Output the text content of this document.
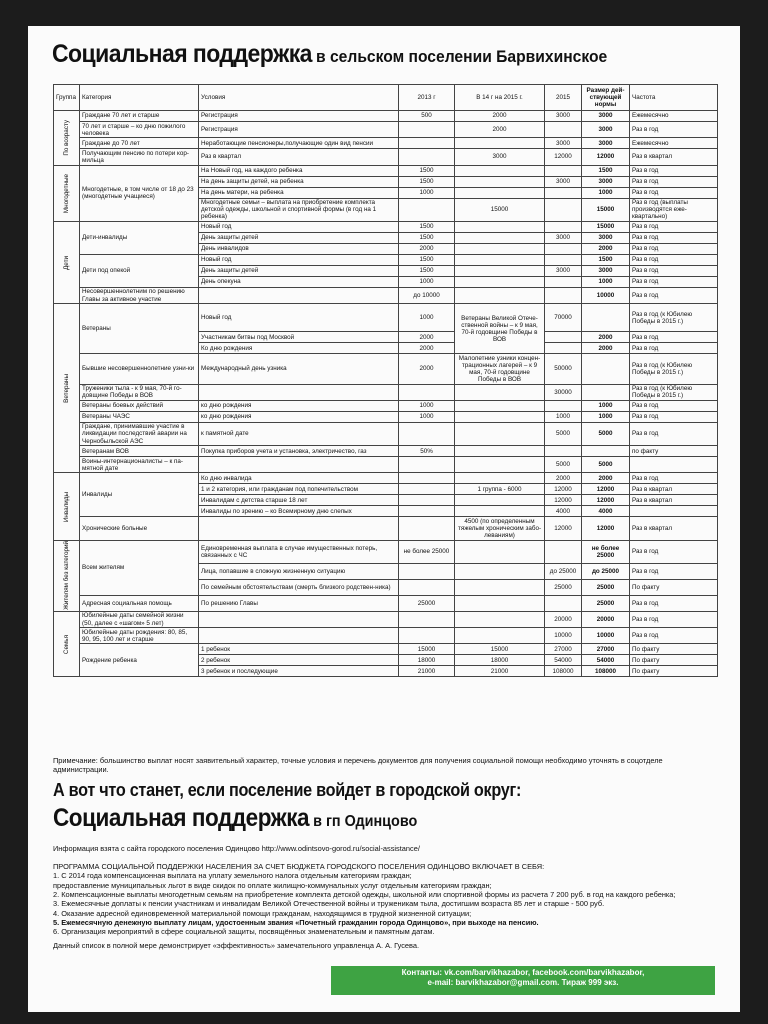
Социальная поддержка в сельском поселении Барвихинское
Группа	Категория	Условия	2013 г	В 14 г на 2015 г.	2015	Размер дей-ствующей нормы	Частота

По возрасту	Граждане 70 лет и старше	Регистрация	500	2000	3000	3000	Ежемесячно
	70 лет и старше – ко дню пожилого человека	Регистрация		2000		3000	Раз в год
	Граждане до 70 лет	Неработающие пенсионеры,получающие один вид пенсии			3000	3000	Ежемесячно
	Получающим пенсию по потери кор-мильца	Раз в квартал		3000	12000	12000	Раз в квартал

Многодетные	Многодетные, в том числе от 18 до 23 (многодетные учащиеся)	На Новый год, на каждого ребенка	1500			1500	Раз в год
		На день защиты детей, на ребенка	1500		3000	3000	Раз в год
		На день матери, на ребенка	1000			1000	Раз в год
		Многодетные семьи – выплата на приобретение комплекта детской одежды, школьной и спортивной формы (в год на 1 ребенка)		15000		15000	Раз в год (выплаты производятся еже-квартально)

Дети	Дети-инвалиды	Новый год	1500			15000	Раз в год
		День защиты детей	1500		3000	3000	Раз в год
		День инвалидов	2000			2000	Раз в год
	Дети под опекой	Новый год	1500			1500	Раз в год
		День защиты детей	1500		3000	3000	Раз в год
		День опекуна	1000			1000	Раз в год
	Несовершеннолетним по решению Главы за активное участие		до 10000			10000	Раз в год

Ветераны	Ветераны	Новый год	1000	Ветераны Великой Отече-ственной войны – к 9 мая, 70-й годовщине Победы в ВОВ	70000		Раз в год (к Юбилею Победы в 2015 г.)
		Участникам битвы под Москвой	2000			2000	Раз в год
		Ко дню рождения	2000			2000	Раз в год
	Бывшие несовершеннолетние узни-ки	Международный день узника	2000	Малолетние узники концен-трационных лагерей – к 9 мая, 70-й годовщине Победы в ВОВ	50000		Раз в год (к Юбилею Победы в 2015 г.)
	Труженики тыла - к 9 мая, 70-й го-довщине Победы в ВОВ				30000		Раз в год (к Юбилею Победы в 2015 г.)
	Ветераны боевых действий	ко дню рождения	1000			1000	Раз в год
	Ветераны ЧАЭС	ко дню рождения	1000		1000	1000	Раз в год
	Граждане, принимавшие участие в ликвидации последствий аварии на Чернобыльской АЭС	к памятной дате			5000	5000	Раз в год
	Ветеранам ВОВ	Покупка приборов учета и установка, электричество, газ	50%				по факту
	Воины-интернационалисты – к па-мятной дате				5000	5000	

Инвалиды	Инвалиды	Ко дню инвалида			2000	2000	Раз в год
		1 и 2 категория, или гражданам под попечительством		1 группа - 6000	12000	12000	Раз в квартал
		Инвалидам с детства старше 18 лет			12000	12000	Раз в квартал
		Инвалиды по зрению – ко Всемирному дню слепых			4000	4000	
	Хронические больные			4500 (по определенным тяжелым хроническим забо-леваниям)	12000	12000	Раз в квартал

Жителям без категорий	Всем жителям	Единовременная выплата в случае имущественных потерь, связанных с ЧС	не более 25000			не более 25000	Раз в год
		Лица, попавшие в сложную жизненную ситуацию			до 25000	до 25000	Раз в год
		По семейным обстоятельствам (смерть близкого родствен-ника)			25000	25000	По факту
	Адресная социальная помощь	По решению Главы	25000			25000	Раз в год

Семья	Юбилейные даты семейной жизни (50, далее с «шагом» 5 лет)				20000	20000	Раз в год
	Юбилейные даты рождения: 80, 85, 90, 95, 100 лет и старше				10000	10000	Раз в год
	Рождение ребенка	1 ребенок	15000	15000	27000	27000	По факту
		2 ребенок	18000	18000	54000	54000	По факту
		3 ребенок и последующие	21000	21000	108000	108000	По факту
Примечание: большинство выплат носят заявительный характер, точные условия и перечень документов для получения социальной помощи необходимо уточнять в соцотделе администрации.
А вот что станет, если поселение войдет в городской округ:
Социальная поддержка в гп Одинцово
Информация взята с сайта городского поселения Одинцово http://www.odintsovo-gorod.ru/social-assistance/

ПРОГРАММА СОЦИАЛЬНОЙ ПОДДЕРЖКИ НАСЕЛЕНИЯ ЗА СЧЕТ БЮДЖЕТА ГОРОДСКОГО ПОСЕЛЕНИЯ ОДИНЦОВО ВКЛЮЧАЕТ В СЕБЯ:

1. С 2014 года компенсационная выплата на уплату земельного налога отдельным категориям граждан;

предоставление муниципальных льгот в виде скидок по оплате жилищно-коммунальных услуг отдельным категориям граждан;

2. Компенсационные выплаты многодетным семьям на приобретение комплекта детской одежды, школьной или спортивной формы из расчета 7 200 руб. в год на каждого ребенка;

3. Ежемесячные доплаты к пенсии участникам и инвалидам Великой Отечественной войны и труженикам тыла, достигшим возраста 85 лет и старше - 500 руб.

4. Оказание адресной единовременной материальной помощи гражданам, находящимся в трудной жизненной ситуации;

5. Ежемесячную денежную выплату лицам, удостоенным звания «Почетный гражданин города Одинцово», при выходе на пенсию.

6. Организация мероприятий в сфере социальной защиты, посвящённых знаменательным и памятным датам.

Данный список в полной мере демонстрирует «эффективность» замечательного управленца А. А. Гусева.

Контакты: vk.com/barvikhazabor, facebook.com/barvikhazabor,
e-mail: barvikhazabor@gmail.com. Тираж 999 экз.
